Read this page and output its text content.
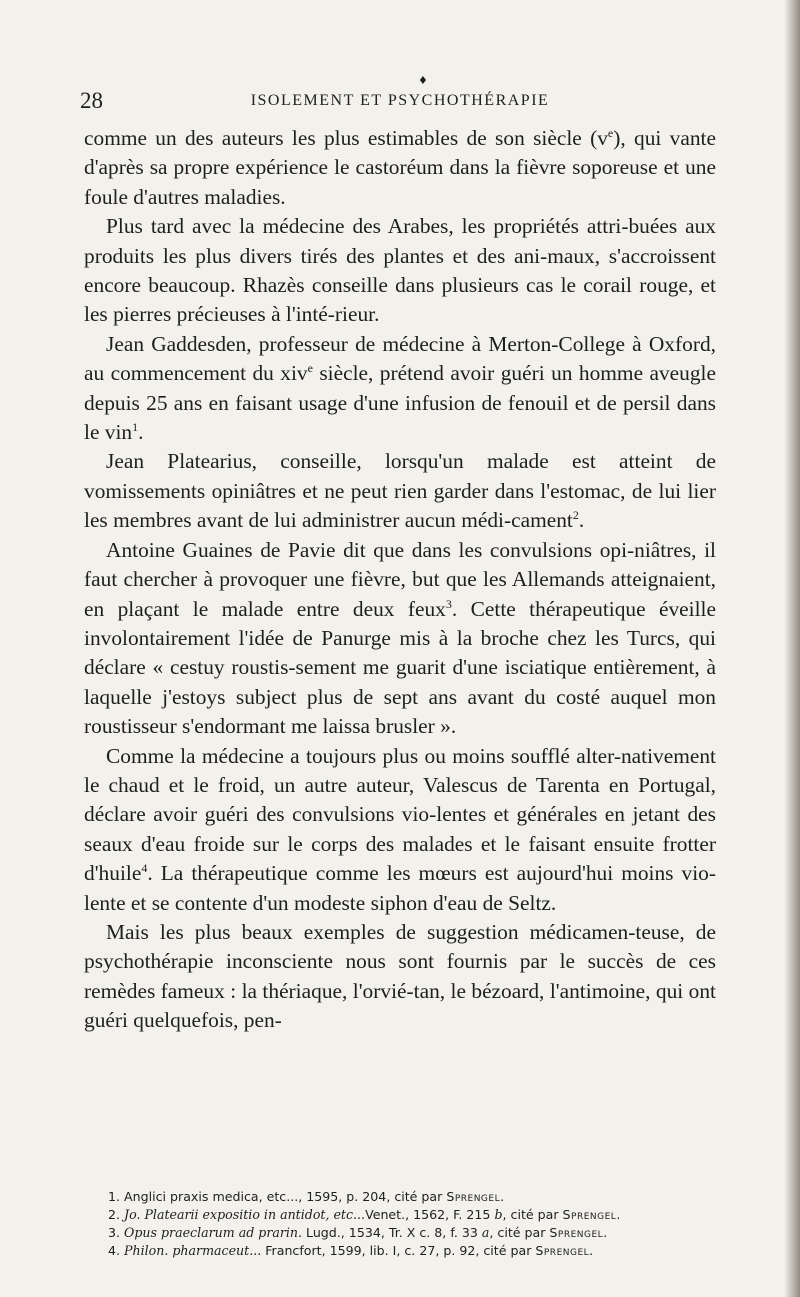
♦
28	ISOLEMENT ET PSYCHOTHÉRAPIE

comme un des auteurs les plus estimables de son siècle $(v^e)$, qui vante d'après sa propre expérience le castoréum dans la fièvre soporeuse et une foule d'autres maladies.

Plus tard avec la médecine des Arabes, les propriétés attri-buées aux produits les plus divers tirés des plantes et des ani-maux, s'accroissent encore beaucoup. Rhazès conseille dans plusieurs cas le corail rouge, et les pierres précieuses à l'inté-rieur.

Jean Gaddesden, professeur de médecine à Merton-College à Oxford, au commencement du xiv$^e$ siècle, prétend avoir guéri un homme aveugle depuis 25 ans en faisant usage d'une infusion de fenouil et de persil dans le vin$^1$.

Jean Platearius, conseille, lorsqu'un malade est atteint de vomissements opiniâtres et ne peut rien garder dans l'estomac, de lui lier les membres avant de lui administrer aucun médi-cament$^2$.

Antoine Guaines de Pavie dit que dans les convulsions opi-niâtres, il faut chercher à provoquer une fièvre, but que les Allemands atteignaient, en plaçant le malade entre deux feux$^3$. Cette thérapeutique éveille involontairement l'idée de Panurge mis à la broche chez les Turcs, qui déclare « cestuy roustis-sement me guarit d'une isciatique entièrement, à laquelle j'estoys subject plus de sept ans avant du costé auquel mon roustisseur s'endormant me laissa brusler ».

Comme la médecine a toujours plus ou moins soufflé alter-nativement le chaud et le froid, un autre auteur, Valescus de Tarenta en Portugal, déclare avoir guéri des convulsions vio-lentes et générales en jetant des seaux d'eau froide sur le corps des malades et le faisant ensuite frotter d'huile$^4$. La thérapeutique comme les mœurs est aujourd'hui moins vio-lente et se contente d'un modeste siphon d'eau de Seltz.

Mais les plus beaux exemples de suggestion médicamen-teuse, de psychothérapie inconsciente nous sont fournis par le succès de ces remèdes fameux : la thériaque, l'orvié-tan, le bézoard, l'antimoine, qui ont guéri quelquefois, pen-

1. Anglici praxis medica, etc..., 1595, p. 204, cité par Sprengel.
2. Jo. Platearii expositio in antidot, etc...Venet., 1562, F. 215 b, cité par Sprengel.
3. Opus praeclarum ad prarin. Lugd., 1534, Tr. X c. 8, f. 33 a, cité par Sprengel.
4. Philon. pharmaceut... Francfort, 1599, lib. I, c. 27, p. 92, cité par Sprengel.
